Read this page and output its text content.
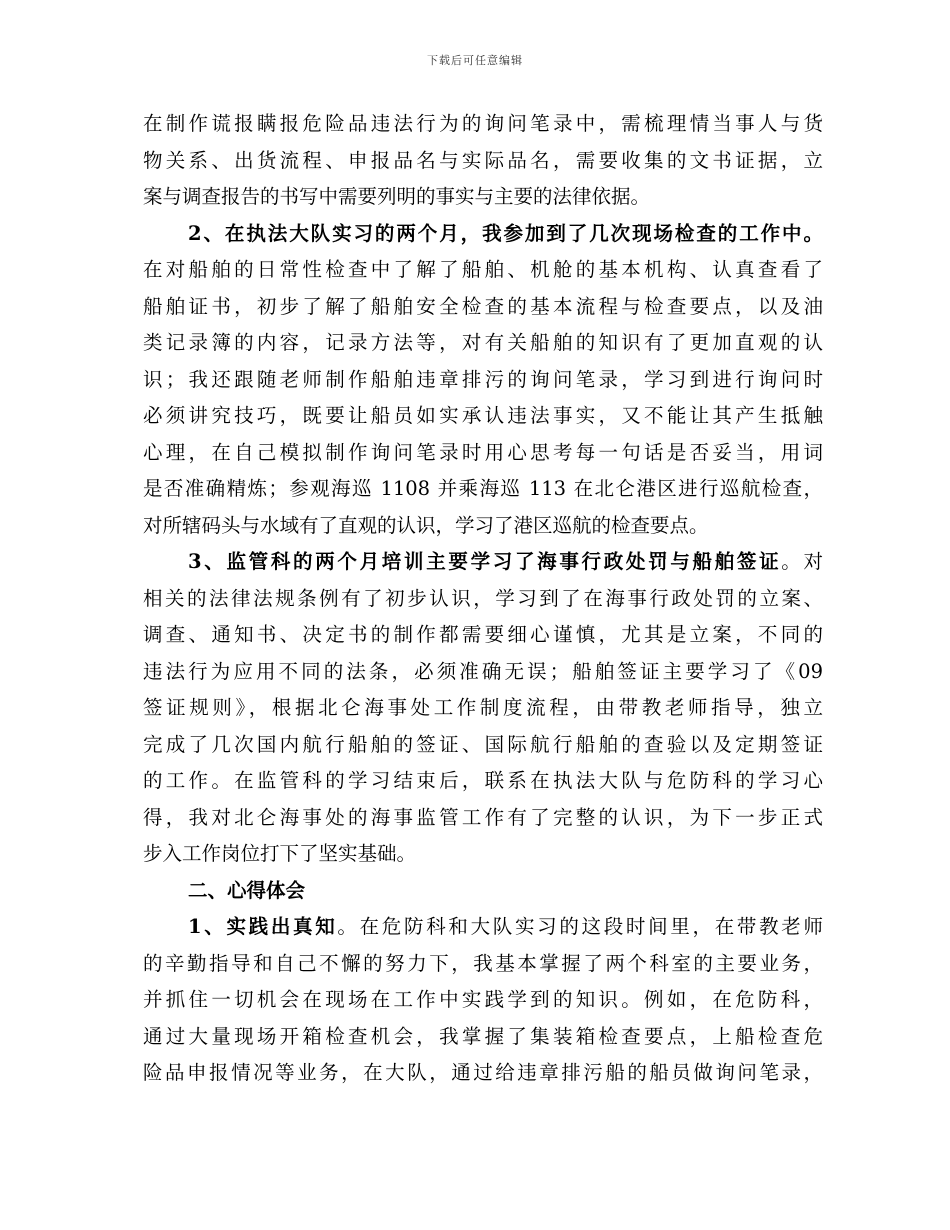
下载后可任意编辑
在制作谎报瞒报危险品违法行为的询问笔录中，需梳理情当事人与货
物关系、出货流程、申报品名与实际品名，需要收集的文书证据，立
案与调查报告的书写中需要列明的事实与主要的法律依据。
2、在执法大队实习的两个月，我参加到了几次现场检查的工作中。
在对船舶的日常性检查中了解了船舶、机舱的基本机构、认真查看了
船舶证书，初步了解了船舶安全检查的基本流程与检查要点，以及油
类记录簿的内容，记录方法等，对有关船舶的知识有了更加直观的认
识；我还跟随老师制作船舶违章排污的询问笔录，学习到进行询问时
必须讲究技巧，既要让船员如实承认违法事实，又不能让其产生抵触
心理，在自己模拟制作询问笔录时用心思考每一句话是否妥当，用词
是否准确精炼；参观海巡 1108 并乘海巡 113 在北仑港区进行巡航检查，
对所辖码头与水域有了直观的认识，学习了港区巡航的检查要点。
3、监管科的两个月培训主要学习了海事行政处罚与船舶签证。对
相关的法律法规条例有了初步认识，学习到了在海事行政处罚的立案、
调查、通知书、决定书的制作都需要细心谨慎，尤其是立案，不同的
违法行为应用不同的法条，必须准确无误；船舶签证主要学习了《09
签证规则》，根据北仑海事处工作制度流程，由带教老师指导，独立
完成了几次国内航行船舶的签证、国际航行船舶的查验以及定期签证
的工作。在监管科的学习结束后，联系在执法大队与危防科的学习心
得，我对北仑海事处的海事监管工作有了完整的认识，为下一步正式
步入工作岗位打下了坚实基础。
二、心得体会
1、实践出真知。在危防科和大队实习的这段时间里，在带教老师
的辛勤指导和自己不懈的努力下，我基本掌握了两个科室的主要业务，
并抓住一切机会在现场在工作中实践学到的知识。例如，在危防科，
通过大量现场开箱检查机会，我掌握了集装箱检查要点，上船检查危
险品申报情况等业务，在大队，通过给违章排污船的船员做询问笔录，
